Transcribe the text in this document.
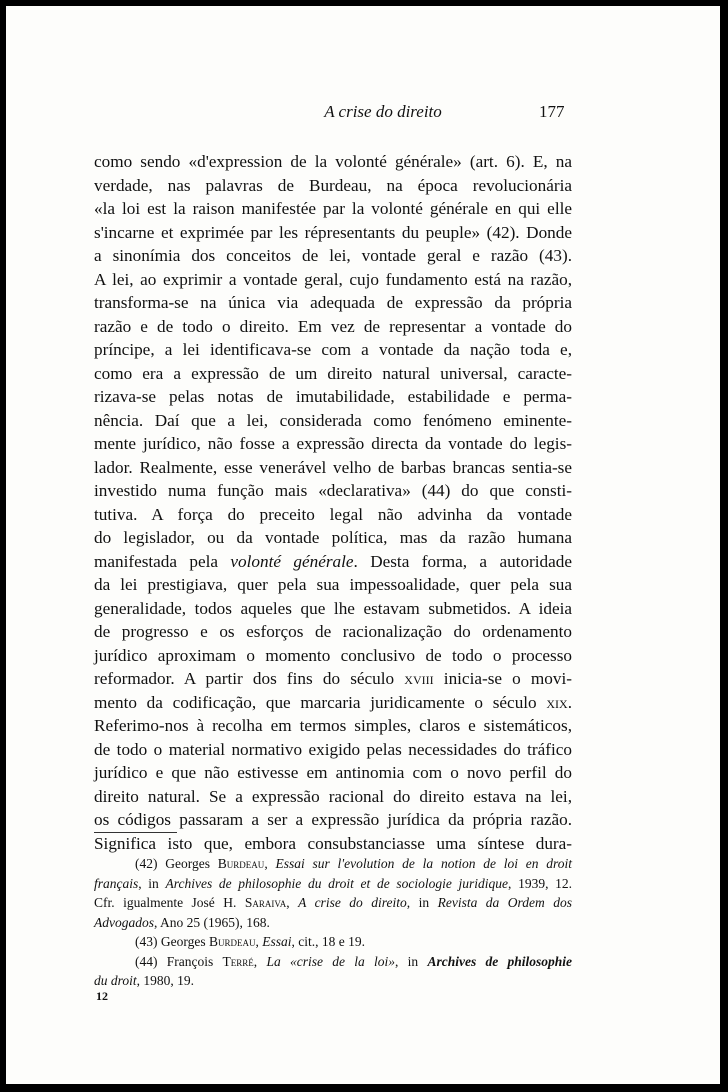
A crise do direito	177
como sendo «d'expression de la volonté générale» (art. 6). E, na
verdade, nas palavras de Burdeau, na época revolucionária
«la loi est la raison manifestée par la volonté générale en qui elle
s'incarne et exprimée par les répresentants du peuple» (42). Donde
a sinonímia dos conceitos de lei, vontade geral e razão (43).
A lei, ao exprimir a vontade geral, cujo fundamento está na razão,
transforma-se na única via adequada de expressão da própria
razão e de todo o direito. Em vez de representar a vontade do
príncipe, a lei identificava-se com a vontade da nação toda e,
como era a expressão de um direito natural universal, caracte-
rizava-se pelas notas de imutabilidade, estabilidade e perma-
nência. Daí que a lei, considerada como fenómeno eminente-
mente jurídico, não fosse a expressão directa da vontade do legis-
lador. Realmente, esse venerável velho de barbas brancas sentia-se
investido numa função mais «declarativa» (44) do que consti-
tutiva. A força do preceito legal não advinha da vontade
do legislador, ou da vontade política, mas da razão humana
manifestada pela volonté générale. Desta forma, a autoridade
da lei prestigiava, quer pela sua impessoalidade, quer pela sua
generalidade, todos aqueles que lhe estavam submetidos. A ideia
de progresso e os esforços de racionalização do ordenamento
jurídico aproximam o momento conclusivo de todo o processo
reformador. A partir dos fins do século xviii inicia-se o movi-
mento da codificação, que marcaria juridicamente o século xix.
Referimo-nos à recolha em termos simples, claros e sistemáticos,
de todo o material normativo exigido pelas necessidades do tráfico
jurídico e que não estivesse em antinomia com o novo perfil do
direito natural. Se a expressão racional do direito estava na lei,
os códigos passaram a ser a expressão jurídica da própria razão.
Significa isto que, embora consubstanciasse uma síntese dura-
(42) Georges Burdeau, Essai sur l'evolution de la notion de loi en droit
français, in Archives de philosophie du droit et de sociologie juridique, 1939, 12.
Cfr. igualmente José H. Saraiva, A crise do direito, in Revista da Ordem dos
Advogados, Ano 25 (1965), 168.
(43) Georges Burdeau, Essai, cit., 18 e 19.
(44) François Terré, La «crise de la loi», in Archives de philosophie
du droit, 1980, 19.
12
